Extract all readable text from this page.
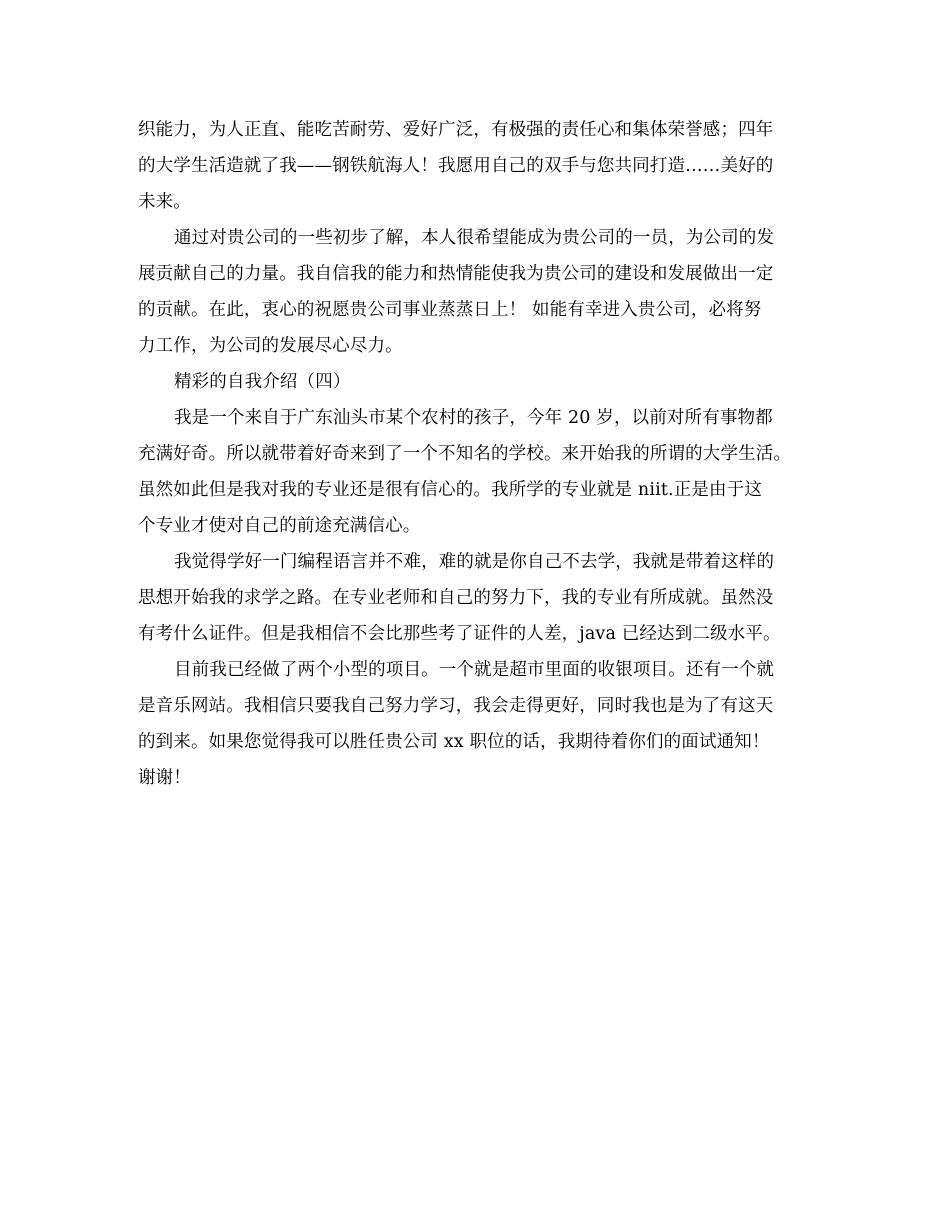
织能力，为人正直、能吃苦耐劳、爱好广泛，有极强的责任心和集体荣誉感；四年
的大学生活造就了我——钢铁航海人！我愿用自己的双手与您共同打造……美好的
未来。
通过对贵公司的一些初步了解，本人很希望能成为贵公司的一员，为公司的发
展贡献自己的力量。我自信我的能力和热情能使我为贵公司的建设和发展做出一定
的贡献。在此，衷心的祝愿贵公司事业蒸蒸日上！ 如能有幸进入贵公司，必将努
力工作，为公司的发展尽心尽力。
精彩的自我介绍（四）
我是一个来自于广东汕头市某个农村的孩子，今年 20 岁，以前对所有事物都
充满好奇。所以就带着好奇来到了一个不知名的学校。来开始我的所谓的大学生活。
虽然如此但是我对我的专业还是很有信心的。我所学的专业就是 niit.正是由于这
个专业才使对自己的前途充满信心。
我觉得学好一门编程语言并不难，难的就是你自己不去学，我就是带着这样的
思想开始我的求学之路。在专业老师和自己的努力下，我的专业有所成就。虽然没
有考什么证件。但是我相信不会比那些考了证件的人差，java 已经达到二级水平。
目前我已经做了两个小型的项目。一个就是超市里面的收银项目。还有一个就
是音乐网站。我相信只要我自己努力学习，我会走得更好，同时我也是为了有这天
的到来。如果您觉得我可以胜任贵公司 xx 职位的话，我期待着你们的面试通知！
谢谢！
